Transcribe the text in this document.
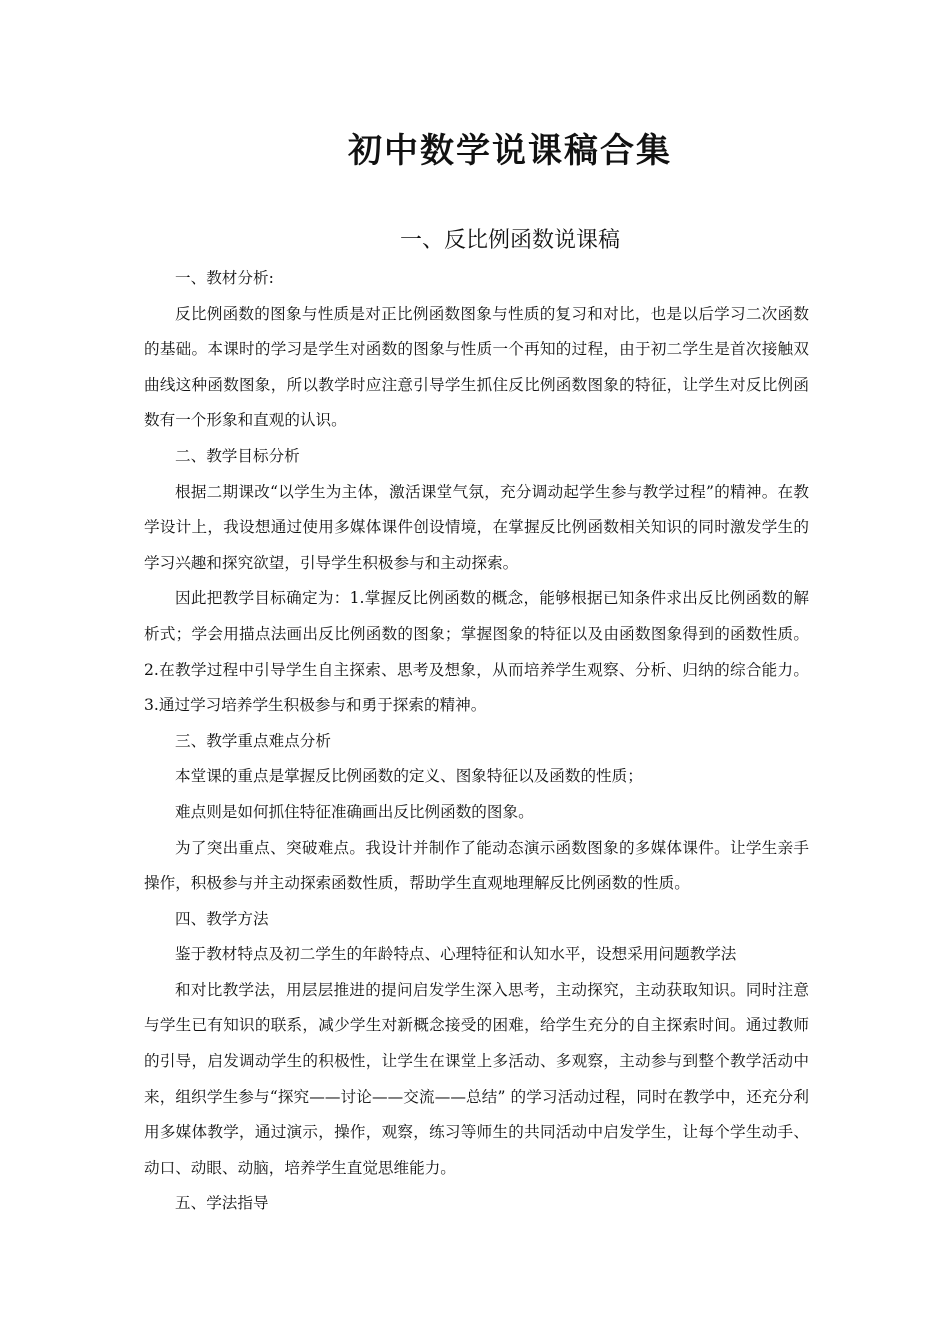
初中数学说课稿合集
一、反比例函数说课稿

一、教材分析:

反比例函数的图象与性质是对正比例函数图象与性质的复习和对比，也是以后学习二次函数的基础。本课时的学习是学生对函数的图象与性质一个再知的过程，由于初二学生是首次接触双曲线这种函数图象，所以教学时应注意引导学生抓住反比例函数图象的特征，让学生对反比例函数有一个形象和直观的认识。

二、教学目标分析

根据二期课改“以学生为主体，激活课堂气氛，充分调动起学生参与教学过程”的精神。在教学设计上，我设想通过使用多媒体课件创设情境，在掌握反比例函数相关知识的同时激发学生的学习兴趣和探究欲望，引导学生积极参与和主动探索。

因此把教学目标确定为：1.掌握反比例函数的概念，能够根据已知条件求出反比例函数的解析式；学会用描点法画出反比例函数的图象；掌握图象的特征以及由函数图象得到的函数性质。2.在教学过程中引导学生自主探索、思考及想象，从而培养学生观察、分析、归纳的综合能力。3.通过学习培养学生积极参与和勇于探索的精神。

三、教学重点难点分析

本堂课的重点是掌握反比例函数的定义、图象特征以及函数的性质；

难点则是如何抓住特征准确画出反比例函数的图象。

为了突出重点、突破难点。我设计并制作了能动态演示函数图象的多媒体课件。让学生亲手操作，积极参与并主动探索函数性质，帮助学生直观地理解反比例函数的性质。

四、教学方法

鉴于教材特点及初二学生的年龄特点、心理特征和认知水平，设想采用问题教学法

和对比教学法，用层层推进的提问启发学生深入思考，主动探究，主动获取知识。同时注意与学生已有知识的联系，减少学生对新概念接受的困难，给学生充分的自主探索时间。通过教师的引导，启发调动学生的积极性，让学生在课堂上多活动、多观察，主动参与到整个教学活动中来，组织学生参与“探究——讨论——交流——总结” 的学习活动过程，同时在教学中，还充分利用多媒体教学，通过演示，操作，观察，练习等师生的共同活动中启发学生，让每个学生动手、动口、动眼、动脑，培养学生直觉思维能力。

五、学法指导
